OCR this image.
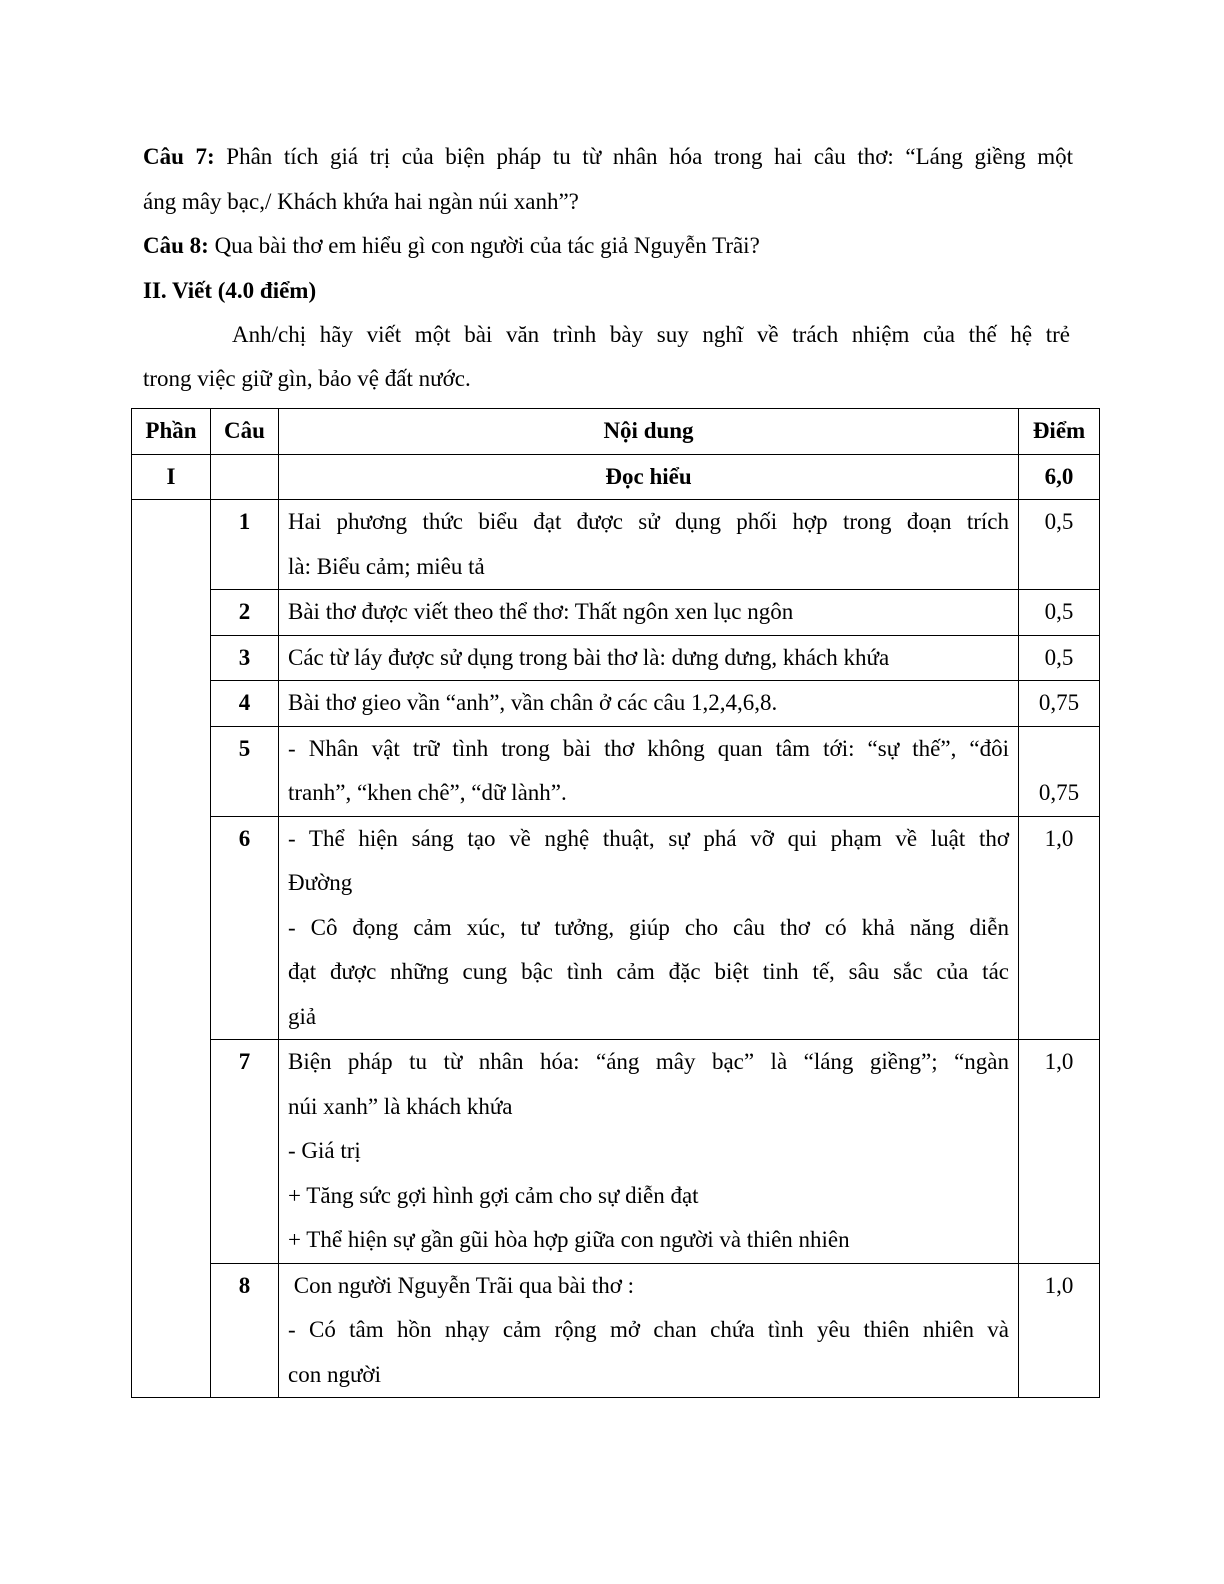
Câu 7: Phân tích giá trị của biện pháp tu từ nhân hóa trong hai câu thơ: “Láng giềng một
áng mây bạc,/ Khách khứa hai ngàn núi xanh”?
Câu 8: Qua bài thơ em hiểu gì con người của tác giả Nguyễn Trãi?
II. Viết (4.0 điểm)
Anh/chị hãy viết một bài văn trình bày suy nghĩ về trách nhiệm của thế hệ trẻ
trong việc giữ gìn, bảo vệ đất nước.
Phần	Câu	Nội dung	Điểm
I		Đọc hiểu	6,0
	1	Hai phương thức biểu đạt được sử dụng phối hợp trong đoạn trích
là: Biểu cảm; miêu tả	0,5
	2	Bài thơ được viết theo thể thơ: Thất ngôn xen lục ngôn	0,5
	3	Các từ láy được sử dụng trong bài thơ là: dưng dưng, khách khứa	0,5
	4	Bài thơ gieo vần “anh”, vần chân ở các câu 1,2,4,6,8.	0,75
	5	- Nhân vật trữ tình trong bài thơ không quan tâm tới: “sự thế”, “đôi
tranh”, “khen chê”, “dữ lành”.	0,75
	6	- Thể hiện sáng tạo về nghệ thuật, sự phá vỡ qui phạm về luật thơ
Đường
- Cô đọng cảm xúc, tư tưởng, giúp cho câu thơ có khả năng diễn
đạt được những cung bậc tình cảm đặc biệt tinh tế, sâu sắc của tác
giả	1,0
	7	Biện pháp tu từ nhân hóa: “áng mây bạc” là “láng giềng”; “ngàn
núi xanh” là khách khứa
- Giá trị
+ Tăng sức gợi hình gợi cảm cho sự diễn đạt
+ Thể hiện sự gần gũi hòa hợp giữa con người và thiên nhiên	1,0
	8	Con người Nguyễn Trãi qua bài thơ :
- Có tâm hồn nhạy cảm rộng mở chan chứa tình yêu thiên nhiên và
con người	1,0
